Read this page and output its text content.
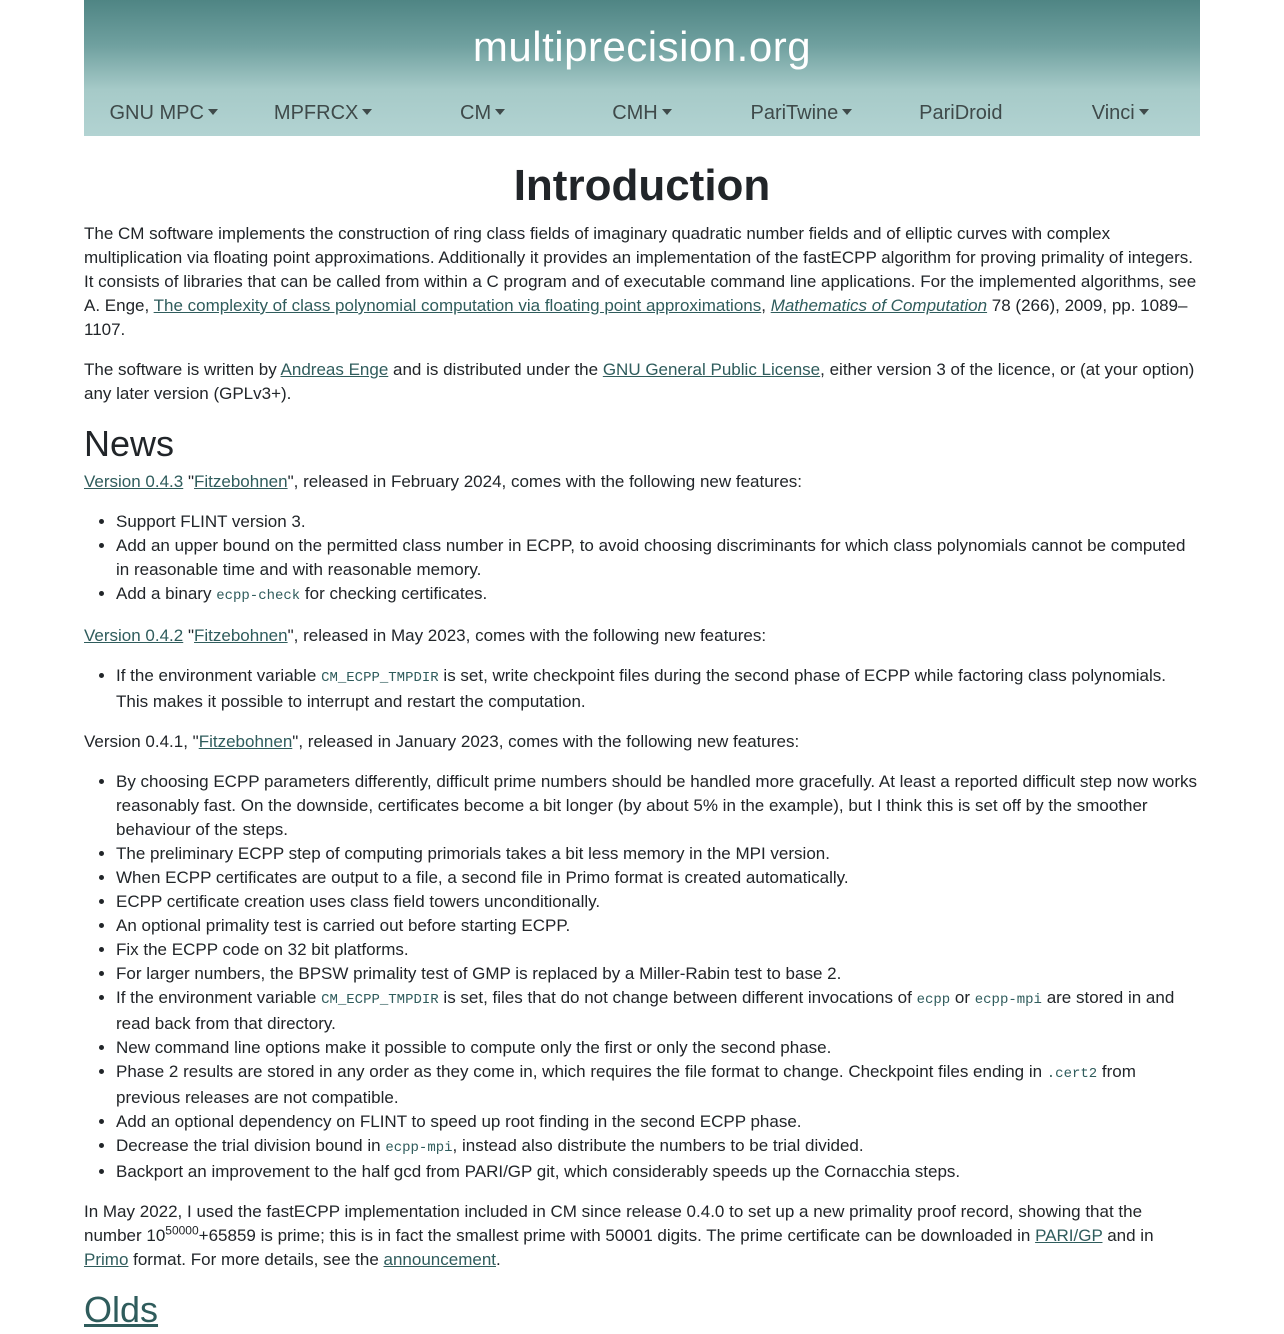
multiprecision.org
GNU MPC	MPFRCX	CM	CMH	PariTwine	PariDroid	Vinci
Introduction

The CM software implements the construction of ring class fields of imaginary quadratic number fields and of elliptic curves with complex multiplication via floating point approximations. Additionally it provides an implementation of the fastECPP algorithm for proving primality of integers. It consists of libraries that can be called from within a C program and of executable command line applications. For the implemented algorithms, see A. Enge, The complexity of class polynomial computation via floating point approximations, Mathematics of Computation 78 (266), 2009, pp. 1089–1107.

The software is written by Andreas Enge and is distributed under the GNU General Public License, either version 3 of the licence, or (at your option) any later version (GPLv3+).

News

Version 0.4.3 "Fitzebohnen", released in February 2024, comes with the following new features:

• Support FLINT version 3.
• Add an upper bound on the permitted class number in ECPP, to avoid choosing discriminants for which class polynomials cannot be computed in reasonable time and with reasonable memory.
• Add a binary ecpp-check for checking certificates.

Version 0.4.2 "Fitzebohnen", released in May 2023, comes with the following new features:

• If the environment variable CM_ECPP_TMPDIR is set, write checkpoint files during the second phase of ECPP while factoring class polynomials. This makes it possible to interrupt and restart the computation.

Version 0.4.1, "Fitzebohnen", released in January 2023, comes with the following new features:

• By choosing ECPP parameters differently, difficult prime numbers should be handled more gracefully. At least a reported difficult step now works reasonably fast. On the downside, certificates become a bit longer (by about 5% in the example), but I think this is set off by the smoother behaviour of the steps.
• The preliminary ECPP step of computing primorials takes a bit less memory in the MPI version.
• When ECPP certificates are output to a file, a second file in Primo format is created automatically.
• ECPP certificate creation uses class field towers unconditionally.
• An optional primality test is carried out before starting ECPP.
• Fix the ECPP code on 32 bit platforms.
• For larger numbers, the BPSW primality test of GMP is replaced by a Miller-Rabin test to base 2.
• If the environment variable CM_ECPP_TMPDIR is set, files that do not change between different invocations of ecpp or ecpp-mpi are stored in and read back from that directory.
• New command line options make it possible to compute only the first or only the second phase.
• Phase 2 results are stored in any order as they come in, which requires the file format to change. Checkpoint files ending in .cert2 from previous releases are not compatible.
• Add an optional dependency on FLINT to speed up root finding in the second ECPP phase.
• Decrease the trial division bound in ecpp-mpi, instead also distribute the numbers to be trial divided.
• Backport an improvement to the half gcd from PARI/GP git, which considerably speeds up the Cornacchia steps.

In May 2022, I used the fastECPP implementation included in CM since release 0.4.0 to set up a new primality proof record, showing that the number $10^{50000}+65859$ is prime; this is in fact the smallest prime with 50001 digits. The prime certificate can be downloaded in PARI/GP and in Primo format. For more details, see the announcement.

Olds
